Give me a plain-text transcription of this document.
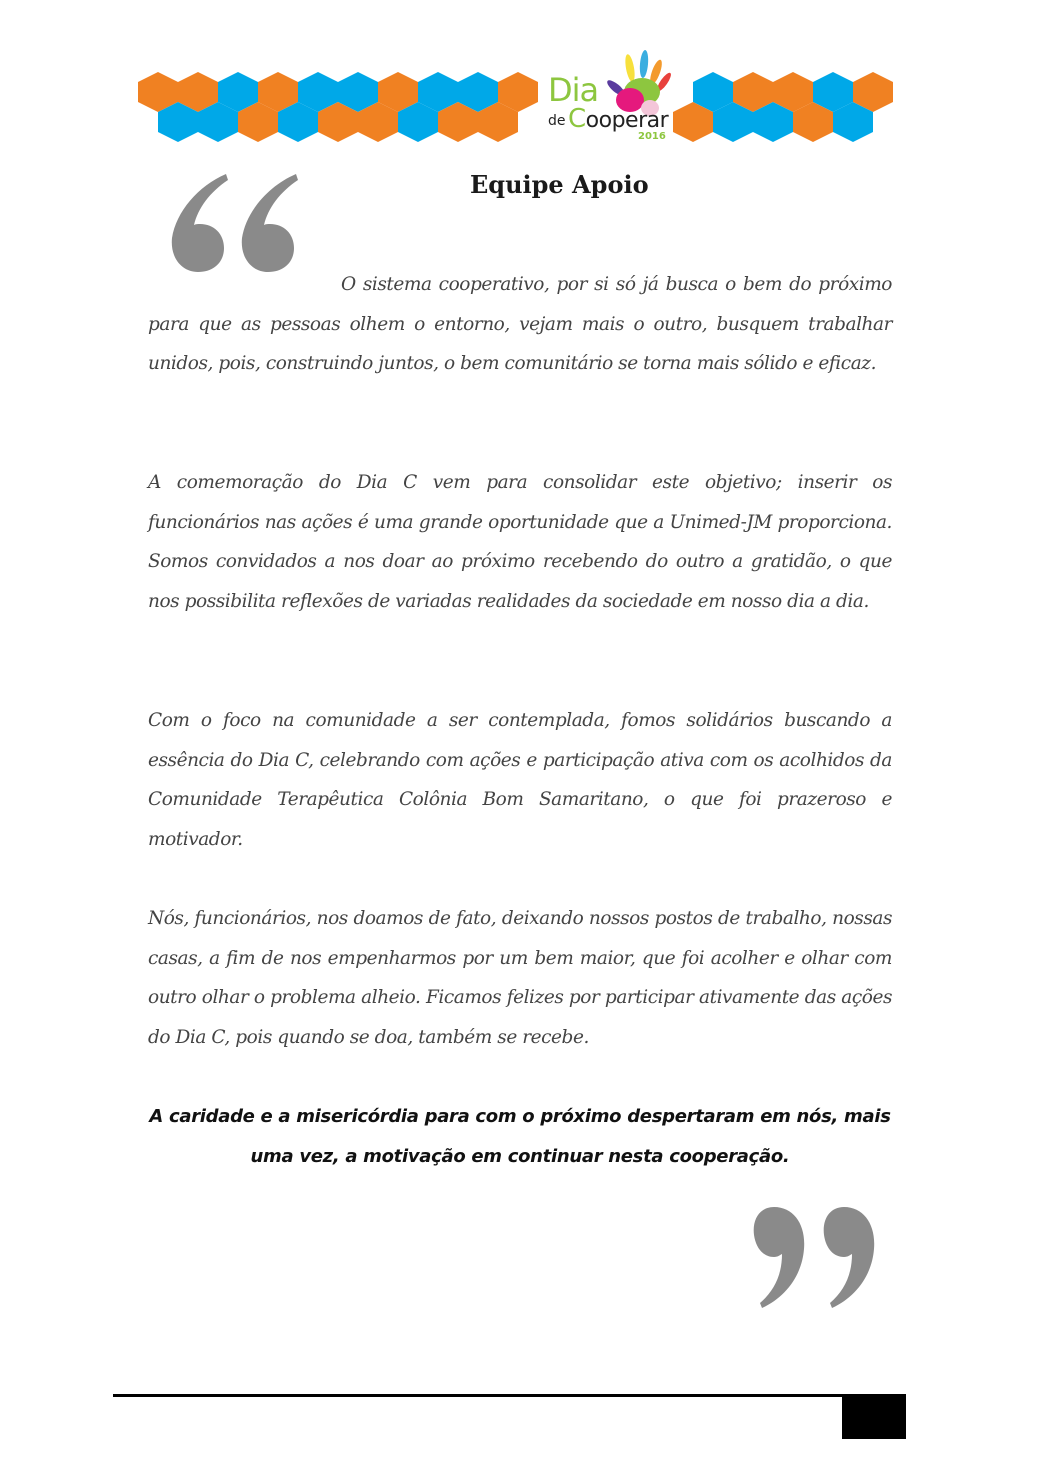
Dia
de Cooperar
2016
Equipe Apoio

O sistema cooperativo, por si só já busca o bem do próximo para que as pessoas olhem o entorno, vejam mais o outro, busquem trabalhar unidos, pois, construindo juntos, o bem comunitário se torna mais sólido e eficaz.

A comemoração do Dia C vem para consolidar este objetivo; inserir os funcionários nas ações é uma grande oportunidade que a Unimed-JM proporciona. Somos convidados a nos doar ao próximo recebendo do outro a gratidão, o que nos possibilita reflexões de variadas realidades da sociedade em nosso dia a dia.

Com o foco na comunidade a ser contemplada, fomos solidários buscando a essência do Dia C, celebrando com ações e participação ativa com os acolhidos da Comunidade Terapêutica Colônia Bom Samaritano, o que foi prazeroso e motivador.

Nós, funcionários, nos doamos de fato, deixando nossos postos de trabalho, nossas casas, a fim de nos empenharmos por um bem maior, que foi acolher e olhar com outro olhar o problema alheio. Ficamos felizes por participar ativamente das ações do Dia C, pois quando se doa, também se recebe.

A caridade e a misericórdia para com o próximo despertaram em nós, mais uma vez, a motivação em continuar nesta cooperação.
